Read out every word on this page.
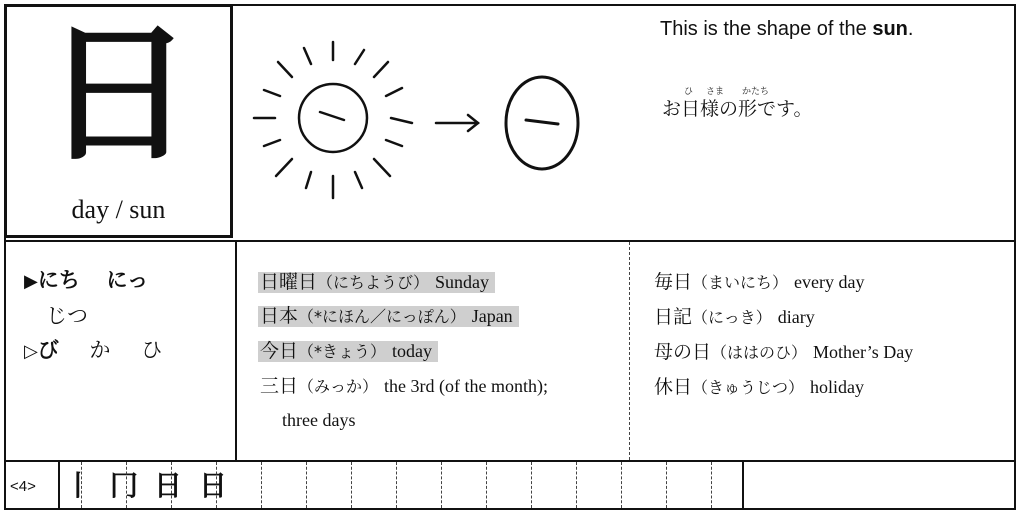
日
day / sun
This is the shape of the sun.
ひ さま かたち
お日様の形です。
▶にち にっ
じつ
▷び か ひ
日曜日（にちようび） Sunday
日本（*にほん／にっぽん） Japan
今日（*きょう） today
三日（みっか） the 3rd (of the month);
three days
毎日（まいにち） every day
日記（にっき） diary
母の日（ははのひ） Mother’s Day
休日（きゅうじつ） holiday
<4> 丨 冂 日 日
